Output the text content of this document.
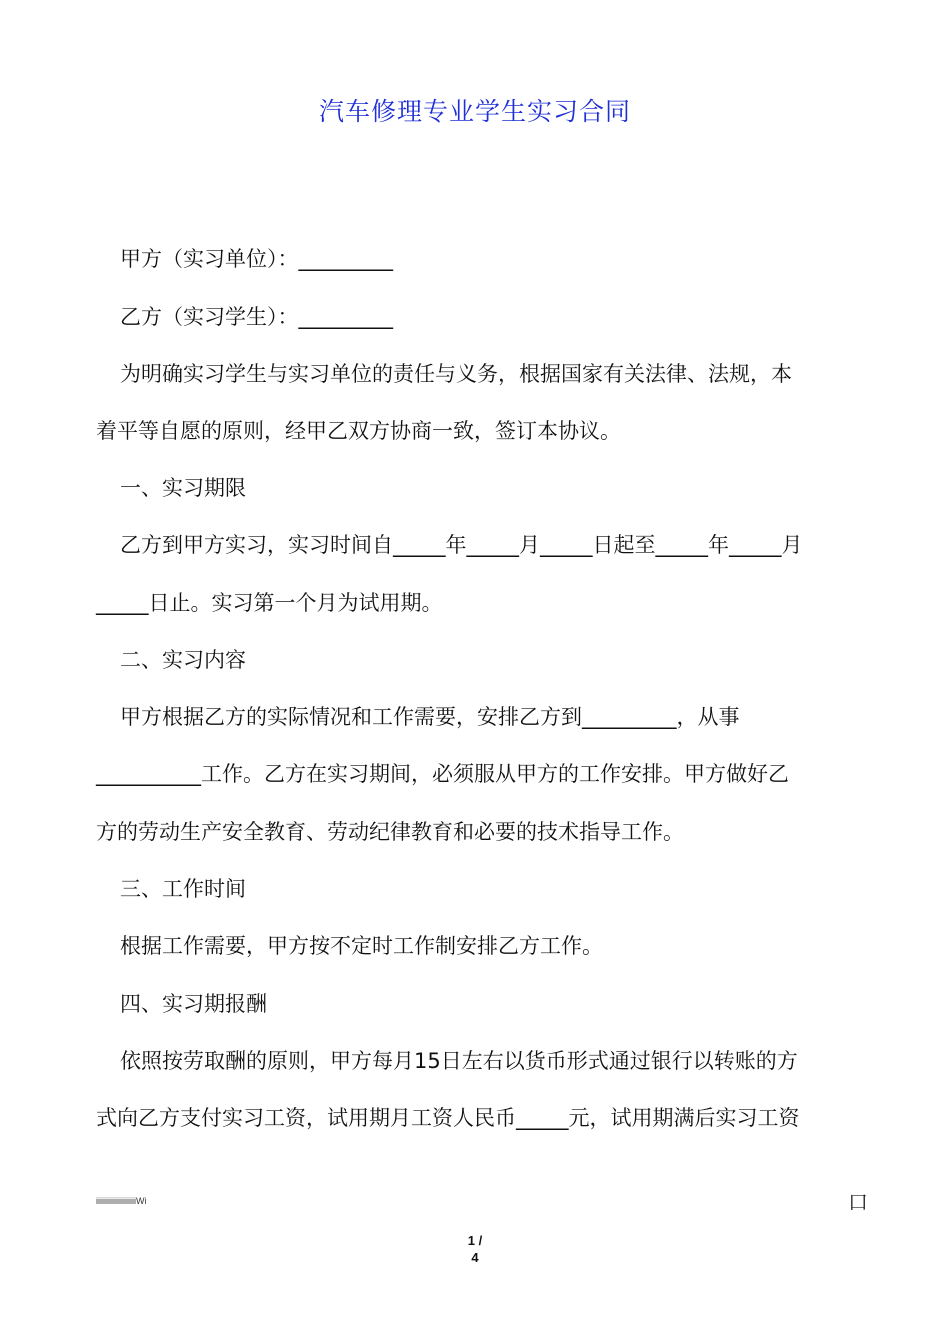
汽车修理专业学生实习合同
甲方（实习单位）：_________
乙方（实习学生）：_________
为明确实习学生与实习单位的责任与义务，根据国家有关法律、法规，本
着平等自愿的原则，经甲乙双方协商一致，签订本协议。
一、实习期限
乙方到甲方实习，实习时间自_____年_____月_____日起至_____年_____月
_____日止。实习第一个月为试用期。
二、实习内容
甲方根据乙方的实际情况和工作需要，安排乙方到_________，从事
__________工作。乙方在实习期间，必须服从甲方的工作安排。甲方做好乙
方的劳动生产安全教育、劳动纪律教育和必要的技术指导工作。
三、工作时间
根据工作需要，甲方按不定时工作制安排乙方工作。
四、实习期报酬
依照按劳取酬的原则，甲方每月15日左右以货币形式通过银行以转账的方
式向乙方支付实习工资，试用期月工资人民币_____元，试用期满后实习工资
iiiiiiiiiiiiiiiiiiiiWi	口
1 /
4
